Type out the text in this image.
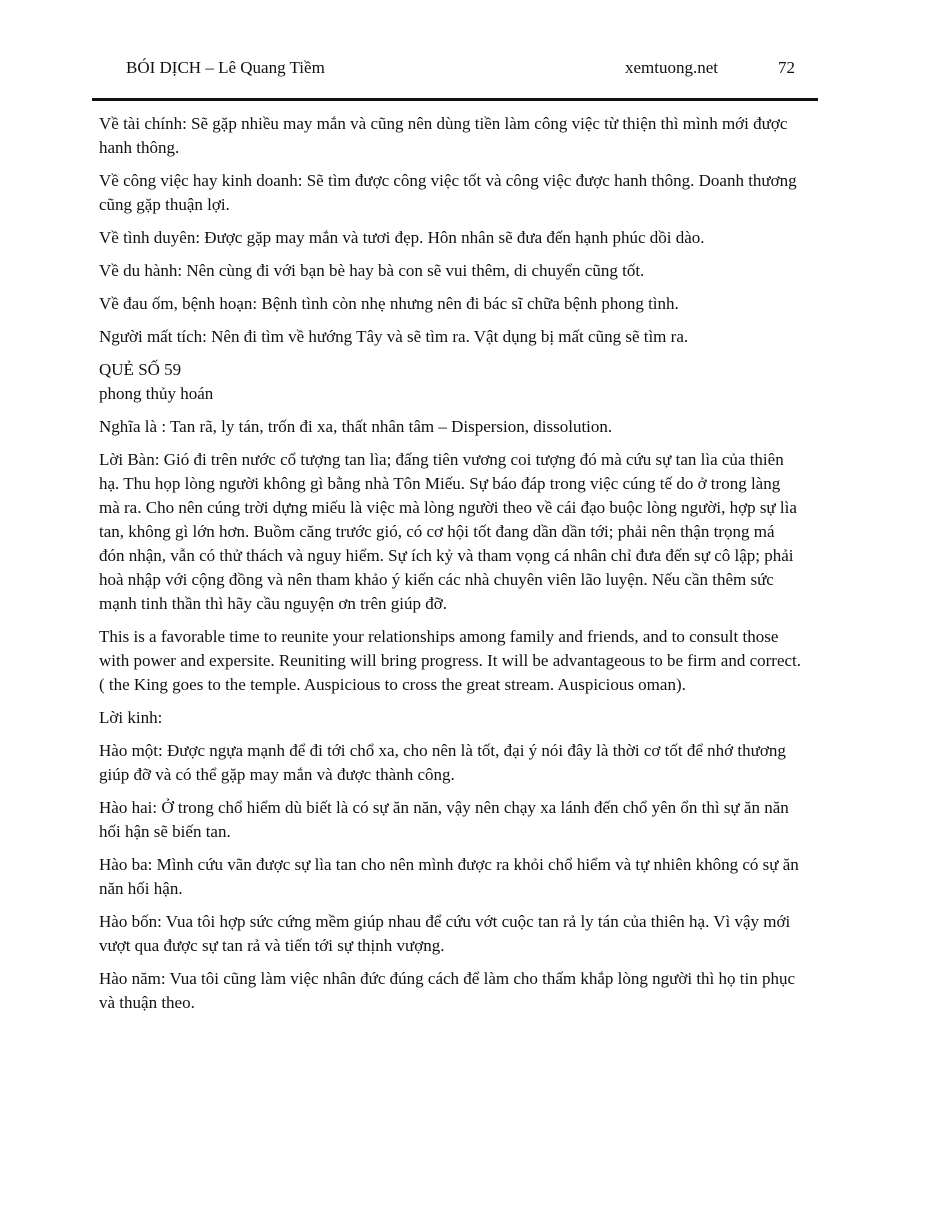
BÓI DỊCH – Lê Quang Tiềm	xemtuong.net	72

Về tài chính: Sẽ gặp nhiều may mắn và cũng nên dùng tiền làm công việc từ thiện thì mình mới được hanh thông.

Về công việc hay kinh doanh: Sẽ tìm được công việc tốt và công việc được hanh thông. Doanh thương cũng gặp thuận lợi.

Về tình duyên: Được gặp may mắn và tươi đẹp. Hôn nhân sẽ đưa đến hạnh phúc dồi dào.

Về du hành: Nên cùng đi với bạn bè hay bà con sẽ vui thêm, di chuyển cũng tốt.

Về đau ốm, bệnh hoạn: Bệnh tình còn nhẹ nhưng nên đi bác sĩ chữa bệnh phong tình.

Người mất tích: Nên đi tìm về hướng Tây và sẽ tìm ra. Vật dụng bị mất cũng sẽ tìm ra.

QUẺ SỐ 59

phong thủy hoán

Nghĩa là : Tan rã, ly tán, trốn đi xa, thất nhân tâm – Dispersion, dissolution.

Lời Bàn: Gió đi trên nước cổ tượng tan lìa; đấng tiên vương coi tượng đó mà cứu sự tan lìa của thiên hạ. Thu họp lòng người không gì bằng nhà Tôn Miếu. Sự báo đáp trong việc cúng tế do ở trong làng mà ra. Cho nên cúng trời dựng miếu là việc mà lòng người theo về cái đạo buộc lòng người, hợp sự lìa tan, không gì lớn hơn. Buồm căng trước gió, có cơ hội tốt đang dần dần tới; phải nên thận trọng má đón nhận, vẫn có thử thách và nguy hiểm. Sự ích kỷ và tham vọng cá nhân chỉ đưa đến sự cô lập; phải hoà nhập với cộng đồng và nên tham khảo ý kiến các nhà chuyên viên lão luyện. Nếu cần thêm sức mạnh tinh thần thì hãy cầu nguyện ơn trên giúp đỡ.

This is a favorable time to reunite your relationships among family and friends, and to consult those with power and expersite. Reuniting will bring progress. It will be advantageous to be firm and correct. ( the King goes to the temple. Auspicious to cross the great stream. Auspicious oman).

Lời kinh:

Hào một: Được ngựa mạnh để đi tới chổ xa, cho nên là tốt, đại ý nói đây là thời cơ tốt để nhớ thương giúp đỡ và có thể gặp may mắn và được thành công.

Hào hai: Ở trong chổ hiểm dù biết là có sự ăn năn, vậy nên chạy xa lánh đến chổ yên ổn thì sự ăn năn hối hận sẽ biến tan.

Hào ba: Mình cứu vãn được sự lìa tan cho nên mình được ra khỏi chổ hiểm và tự nhiên không có sự ăn năn hối hận.

Hào bốn: Vua tôi hợp sức cứng mềm giúp nhau để cứu vớt cuộc tan rả ly tán của thiên hạ. Vì vậy mới vượt qua được sự tan rả và tiến tới sự thịnh vượng.

Hào năm: Vua tôi cũng làm việc nhân đức đúng cách để làm cho thấm khắp lòng người thì họ tin phục và thuận theo.
